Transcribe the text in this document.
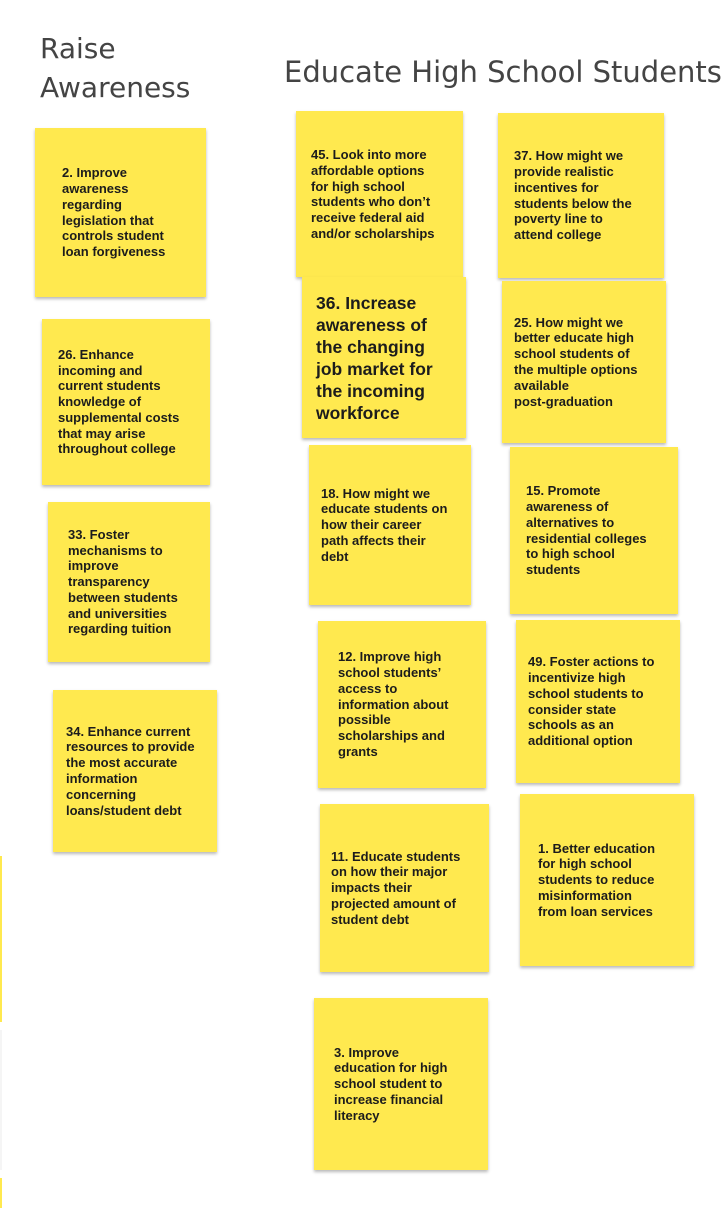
Raise
Awareness	Educate High School Students
2. Improve
awareness
regarding
legislation that
controls student
loan forgiveness
26. Enhance
incoming and
current students
knowledge of
supplemental costs
that may arise
throughout college
33. Foster
mechanisms to
improve
transparency
between students
and universities
regarding tuition
34. Enhance current
resources to provide
the most accurate
information
concerning
loans/student debt
45. Look into more
affordable options
for high school
students who don’t
receive federal aid
and/or scholarships
37. How might we
provide realistic
incentives for
students below the
poverty line to
attend college
36. Increase
awareness of
the changing
job market for
the incoming
workforce
25. How might we
better educate high
school students of
the multiple options
available
post-graduation
18. How might we
educate students on
how their career
path affects their
debt
15. Promote
awareness of
alternatives to
residential colleges
to high school
students
12. Improve high
school students’
access to
information about
possible
scholarships and
grants
49. Foster actions to
incentivize high
school students to
consider state
schools as an
additional option
11. Educate students
on how their major
impacts their
projected amount of
student debt
1. Better education
for high school
students to reduce
misinformation
from loan services
3. Improve
education for high
school student to
increase financial
literacy
